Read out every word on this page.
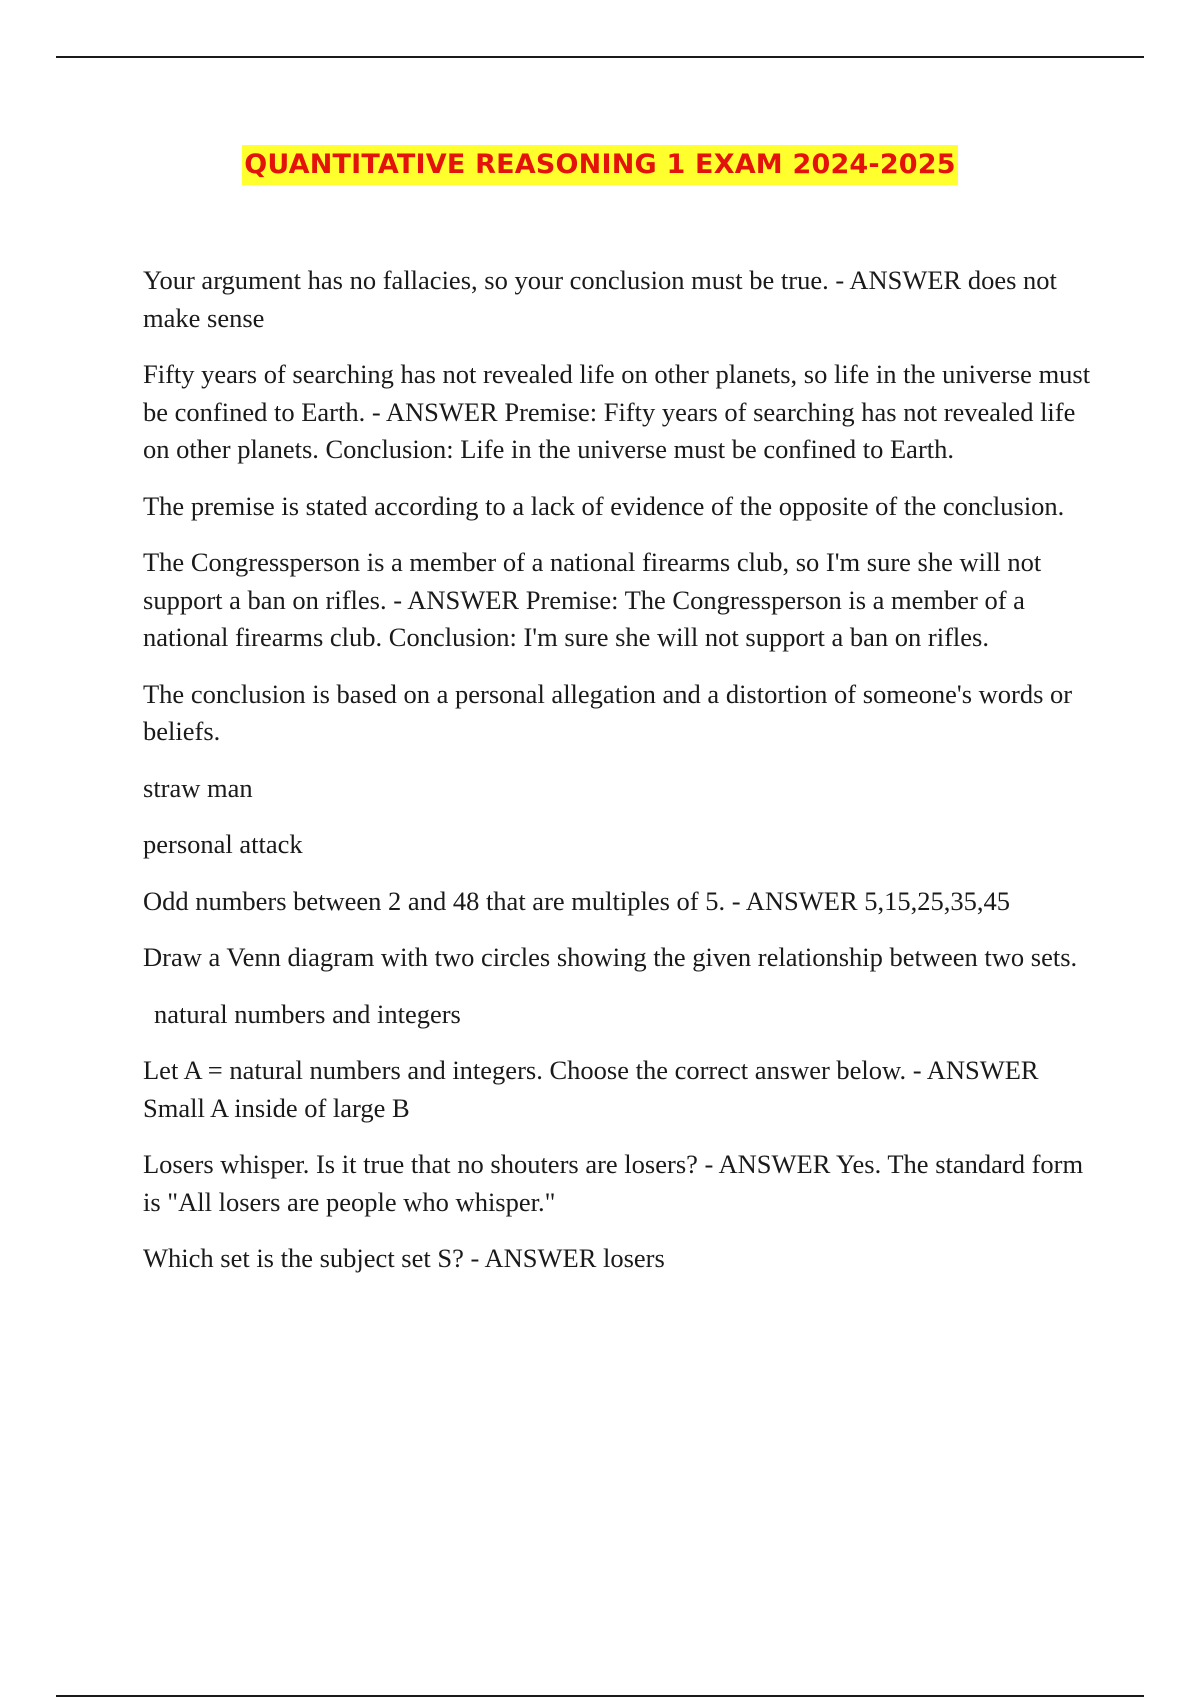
QUANTITATIVE REASONING 1 EXAM 2024-2025

Your argument has no fallacies, so your conclusion must be true. - ANSWER does not make sense

Fifty years of searching has not revealed life on other planets, so life in the universe must be confined to Earth. - ANSWER Premise: Fifty years of searching has not revealed life on other planets. Conclusion: Life in the universe must be confined to Earth.

The premise is stated according to a lack of evidence of the opposite of the conclusion.

The Congressperson is a member of a national firearms club, so I'm sure she will not support a ban on rifles. - ANSWER Premise: The Congressperson is a member of a national firearms club. Conclusion: I'm sure she will not support a ban on rifles.

The conclusion is based on a personal allegation and a distortion of someone's words or beliefs.

straw man

personal attack

Odd numbers between 2 and 48 that are multiples of 5. - ANSWER 5,15,25,35,45

Draw a Venn diagram with two circles showing the given relationship between two sets.

natural numbers and integers

Let A = natural numbers and integers. Choose the correct answer below. - ANSWER Small A inside of large B

Losers whisper. Is it true that no shouters are losers? - ANSWER Yes. The standard form is "All losers are people who whisper."

Which set is the subject set S? - ANSWER losers
